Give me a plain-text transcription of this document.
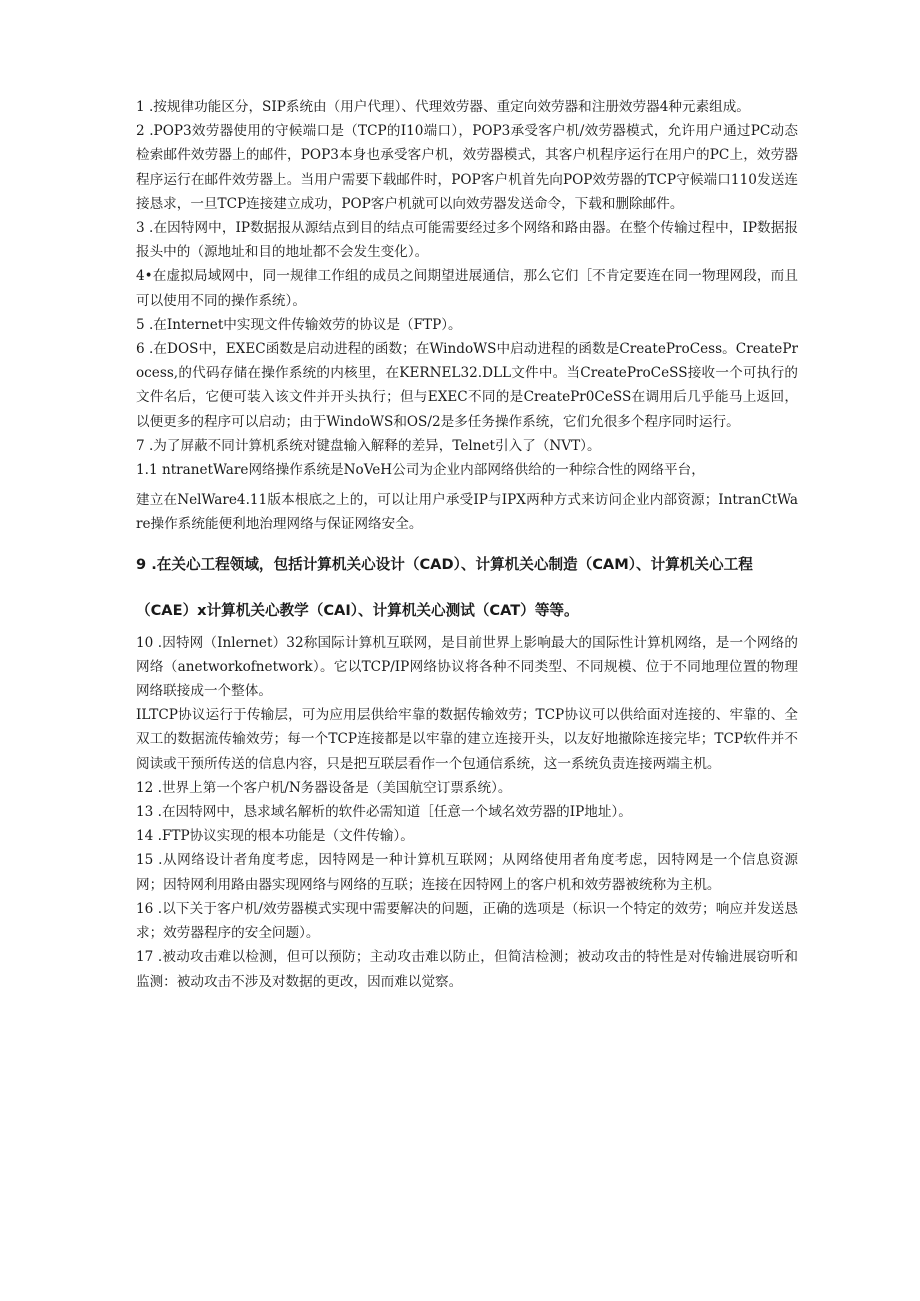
1 .按规律功能区分，SIP系统由（用户代理）、代理效劳器、重定向效劳器和注册效劳器4种元素组成。

2 .POP3效劳器使用的守候端口是（TCP的I10端口），POP3承受客户机/效劳器模式，允许用户通过PC动态检索邮件效劳器上的邮件，POP3本身也承受客户机，效劳器模式，其客户机程序运行在用户的PC上，效劳器程序运行在邮件效劳器上。当用户需要下载邮件时，POP客户机首先向POP效劳器的TCP守候端口110发送连接恳求，一旦TCP连接建立成功，POP客户机就可以向效劳器发送命令，下载和删除邮件。

3 .在因特网中，IP数据报从源结点到目的结点可能需要经过多个网络和路由器。在整个传输过程中，IP数据报报头中的（源地址和目的地址都不会发生变化）。

4•在虚拟局域网中，同一规律工作组的成员之间期望进展通信，那么它们［不肯定要连在同一物理网段，而且可以使用不同的操作系统）。

5 .在Internet中实现文件传输效劳的协议是（FTP）。

6 .在DOS中，EXEC函数是启动进程的函数；在WindoWS中启动进程的函数是CreateProCess。CreateProcess,的代码存储在操作系统的内核里，在KERNEL32.DLL文件中。当CreateProCeSS接收一个可执行的文件名后，它便可装入该文件并开头执行；但与EXEC不同的是CreatePr0CeSS在调用后几乎能马上返回，以便更多的程序可以启动；由于WindoWS和OS/2是多任务操作系统，它们允很多个程序同时运行。

7 .为了屏蔽不同计算机系统对键盘输入解释的差异，Telnet引入了（NVT）。

1.1 ntranetWare网络操作系统是NoVeH公司为企业内部网络供给的一种综合性的网络平台，

建立在NelWare4.11版本根底之上的，可以让用户承受IP与IPX两种方式来访问企业内部资源；IntranCtWare操作系统能便利地治理网络与保证网络安全。

9 .在关心工程领域，包括计算机关心设计（CAD）、计算机关心制造（CAM）、计算机关心工程

（CAE）x计算机关心教学（CAI）、计算机关心测试（CAT）等等。

10 .因特网（Inlernet）32称国际计算机互联网，是目前世界上影响最大的国际性计算机网络，是一个网络的网络（anetworkofnetwork）。它以TCP/IP网络协议将各种不同类型、不同规模、位于不同地理位置的物理网络联接成一个整体。

ILTCP协议运行于传输层，可为应用层供给牢靠的数据传输效劳；TCP协议可以供给面对连接的、牢靠的、全双工的数据流传输效劳；每一个TCP连接都是以牢靠的建立连接开头，以友好地撤除连接完毕；TCP软件并不阅读或干预所传送的信息内容，只是把互联层看作一个包通信系统，这一系统负责连接两端主机。

12 .世界上第一个客户机/N务器设备是（美国航空订票系统）。

13 .在因特网中，恳求域名解析的软件必需知道［任意一个域名效劳器的IP地址）。

14 .FTP协议实现的根本功能是（文件传输）。

15 .从网络设计者角度考虑，因特网是一种计算机互联网；从网络使用者角度考虑，因特网是一个信息资源网；因特网利用路由器实现网络与网络的互联；连接在因特网上的客户机和效劳器被统称为主机。

16 .以下关于客户机/效劳器模式实现中需要解决的问题，正确的选项是（标识一个特定的效劳；响应并发送恳求；效劳器程序的安全问题）。

17 .被动攻击难以检测，但可以预防；主动攻击难以防止，但简洁检测；被动攻击的特性是对传输进展窃听和监测：被动攻击不涉及对数据的更改，因而难以觉察。
